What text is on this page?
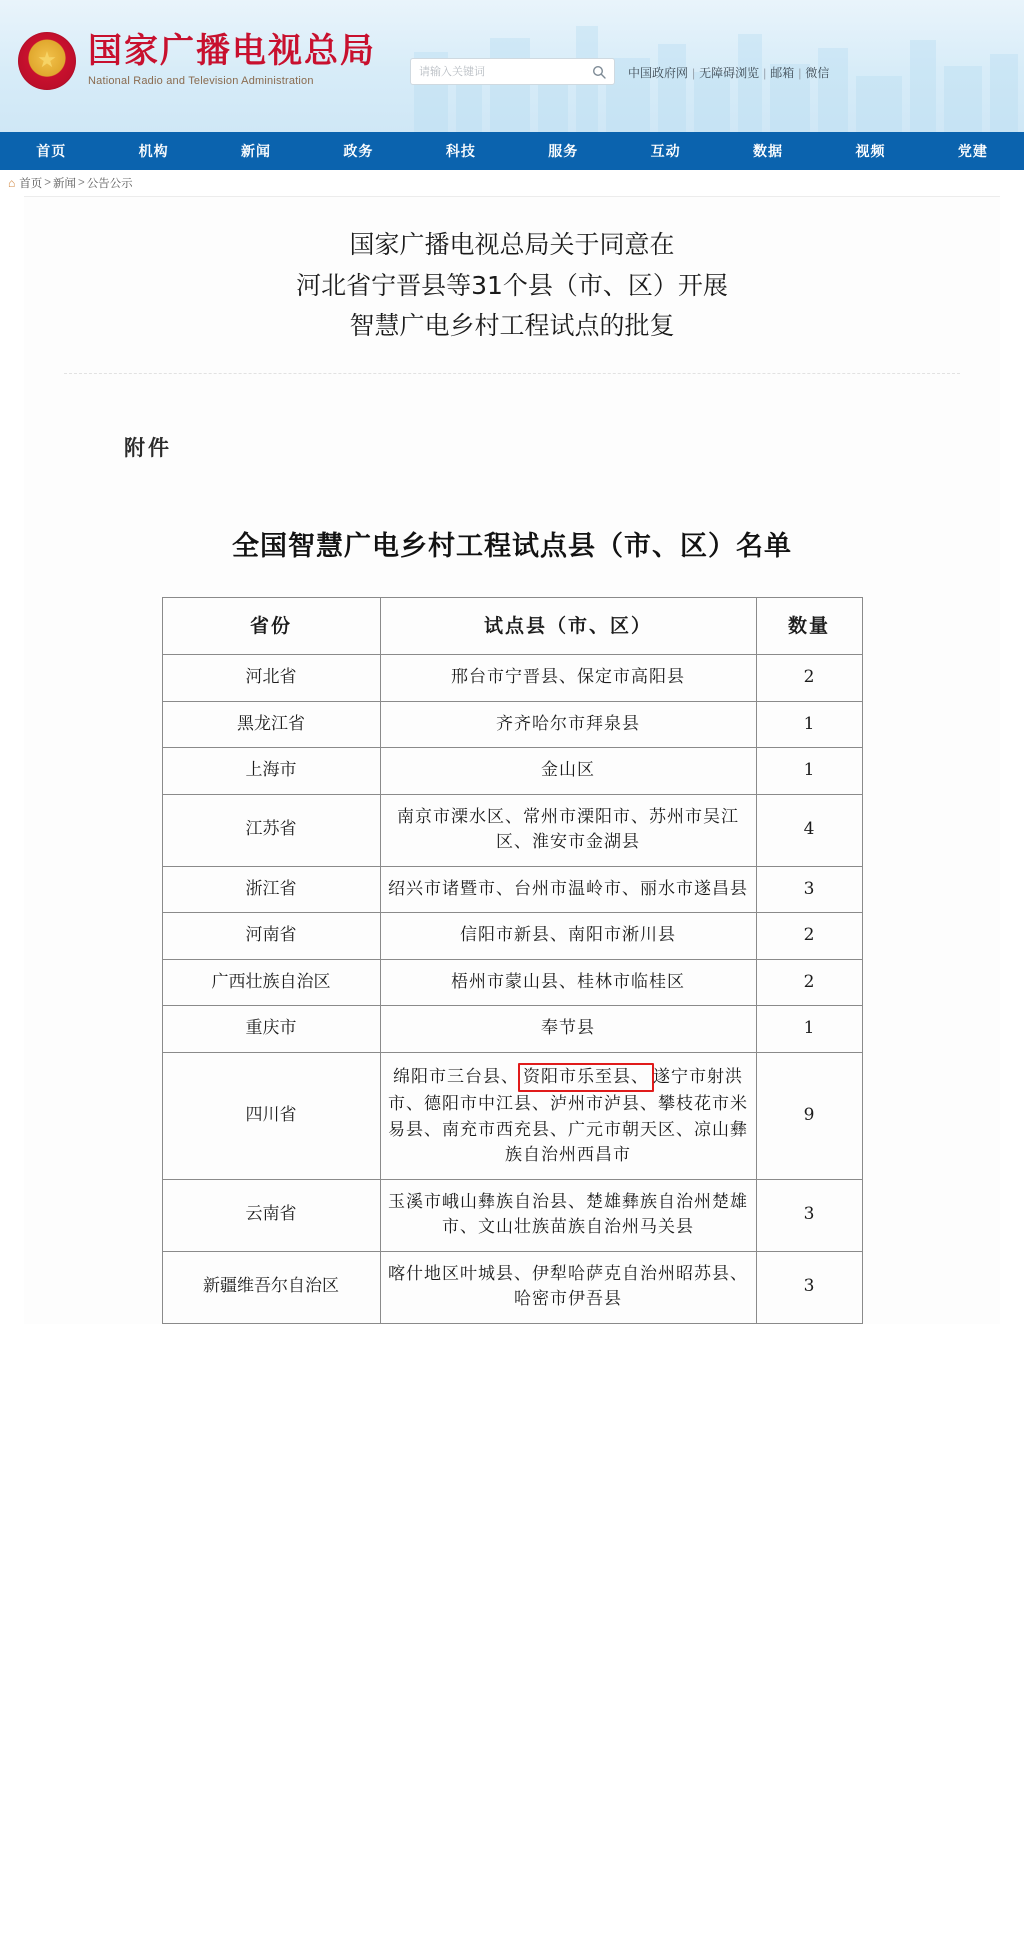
★
国家广播电视总局
National Radio and Television Administration
请输入关键词
中国政府网 | 无障碍浏览 | 邮箱 | 微信
首页	机构	新闻	政务	科技	服务	互动	数据	视频	党建
⌂ 首页 > 新闻 > 公告公示
国家广播电视总局关于同意在
河北省宁晋县等31个县（市、区）开展
智慧广电乡村工程试点的批复
附件
全国智慧广电乡村工程试点县（市、区）名单
省份	试点县（市、区）	数量
河北省	邢台市宁晋县、保定市高阳县	2
黑龙江省	齐齐哈尔市拜泉县	1
上海市	金山区	1
江苏省	南京市溧水区、常州市溧阳市、苏州市吴江区、淮安市金湖县	4
浙江省	绍兴市诸暨市、台州市温岭市、丽水市遂昌县	3
河南省	信阳市新县、南阳市淅川县	2
广西壮族自治区	梧州市蒙山县、桂林市临桂区	2
重庆市	奉节县	1
四川省	绵阳市三台县、 资阳市乐至县、 遂宁市射洪市、德阳市中江县、泸州市泸县、攀枝花市米易县、南充市西充县、广元市朝天区、凉山彝族自治州西昌市	9
云南省	玉溪市峨山彝族自治县、楚雄彝族自治州楚雄市、文山壮族苗族自治州马关县	3
新疆维吾尔自治区	喀什地区叶城县、伊犁哈萨克自治州昭苏县、哈密市伊吾县	3
